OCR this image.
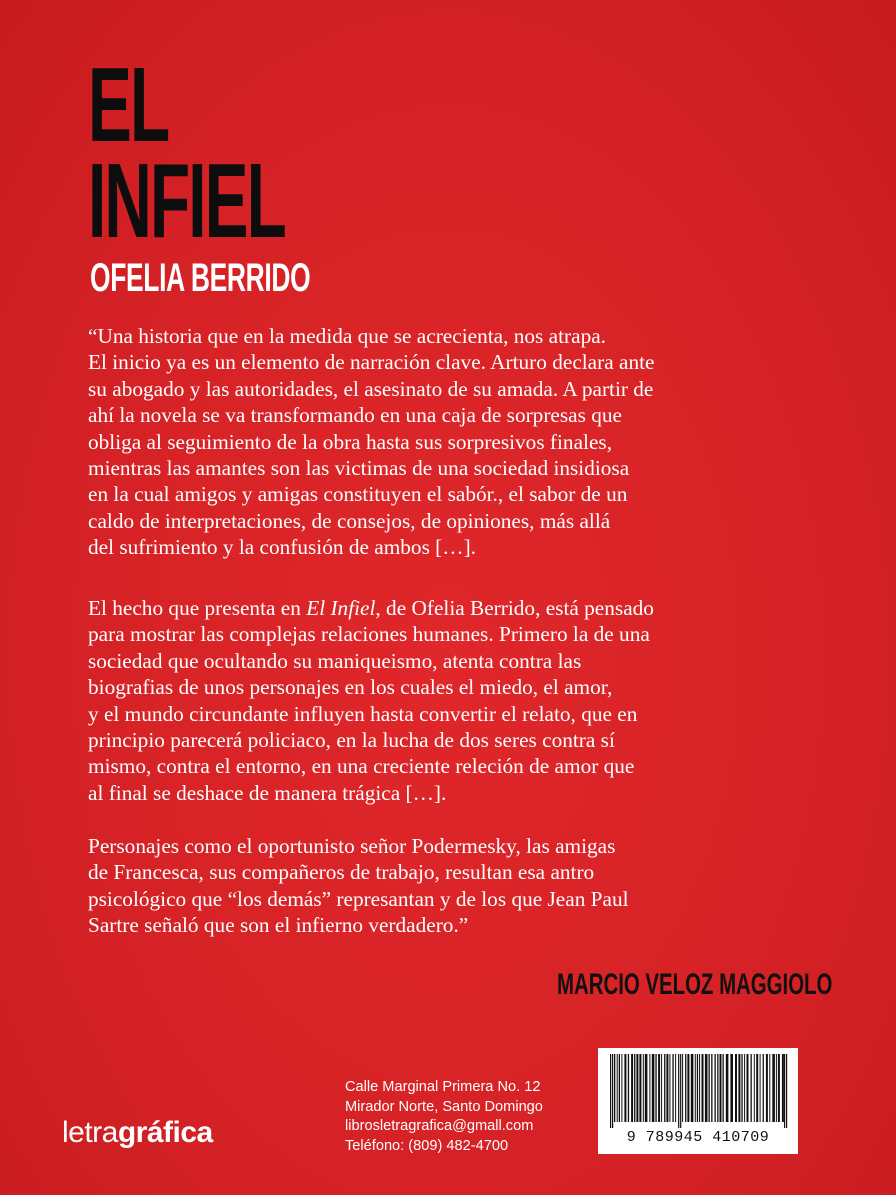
EL
INFIEL
OFELIA BERRIDO
“Una historia que en la medida que se acrecienta, nos atrapa.
El inicio ya es un elemento de narración clave. Arturo declara ante
su abogado y las autoridades, el asesinato de su amada. A partir de
ahí la novela se va transformando en una caja de sorpresas que
obliga al seguimiento de la obra hasta sus sorpresivos finales,
mientras las amantes son las victimas de una sociedad insidiosa
en la cual amigos y amigas constituyen el sabór., el sabor de un
caldo de interpretaciones, de consejos, de opiniones, más allá
del sufrimiento y la confusión de ambos […].
El hecho que presenta en El Infiel, de Ofelia Berrido, está pensado
para mostrar las complejas relaciones humanes. Primero la de una
sociedad que ocultando su maniqueismo, atenta contra las
biografias de unos personajes en los cuales el miedo, el amor,
y el mundo circundante influyen hasta convertir el relato, que en
principio parecerá policiaco, en la lucha de dos seres contra sí
mismo, contra el entorno, en una creciente releción de amor que
al final se deshace de manera trágica […].
Personajes como el oportunisto señor Podermesky, las amigas
de Francesca, sus compañeros de trabajo, resultan esa antro
psicológico que “los demás” represantan y de los que Jean Paul
Sartre señaló que son el infierno verdadero.”
MARCIO VELOZ MAGGIOLO
letragráfica
Calle Marginal Primera No. 12
Mirador Norte, Santo Domingo
librosletragrafica@gmall.com
Teléfono: (809) 482-4700	9 789945 410709
